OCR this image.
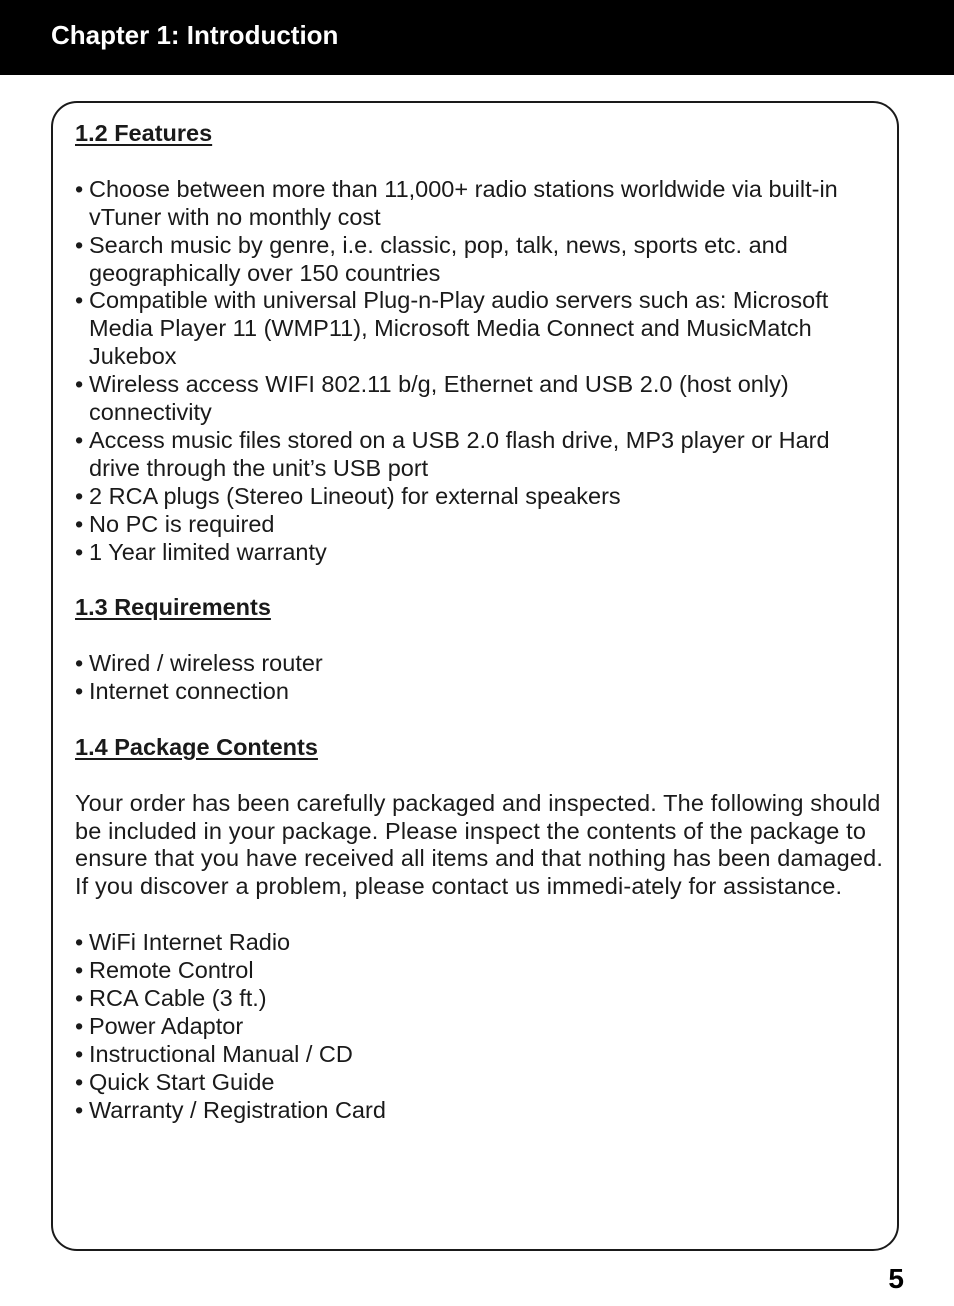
Chapter 1: Introduction
1.2 Features
• Choose between more than 11,000+ radio stations worldwide via built-in vTuner with no monthly cost
• Search music by genre, i.e. classic, pop, talk, news, sports etc. and geographically over 150 countries
• Compatible with universal Plug-n-Play audio servers such as: Microsoft Media Player 11 (WMP11), Microsoft Media Connect and MusicMatch Jukebox
• Wireless access WIFI 802.11 b/g, Ethernet and USB 2.0 (host only) connectivity
• Access music files stored on a USB 2.0 flash drive, MP3 player or Hard drive through the unit’s USB port
• 2 RCA plugs (Stereo Lineout) for external speakers
• No PC is required
• 1 Year limited warranty
1.3 Requirements
• Wired / wireless router
• Internet connection
1.4 Package Contents

Your order has been carefully packaged and inspected. The following should be included in your package. Please inspect the contents of the package to ensure that you have received all items and that nothing has been damaged. If you discover a problem, please contact us immedi-ately for assistance.

• WiFi Internet Radio
• Remote Control
• RCA Cable (3 ft.)
• Power Adaptor
• Instructional Manual / CD
• Quick Start Guide
• Warranty / Registration Card
5
